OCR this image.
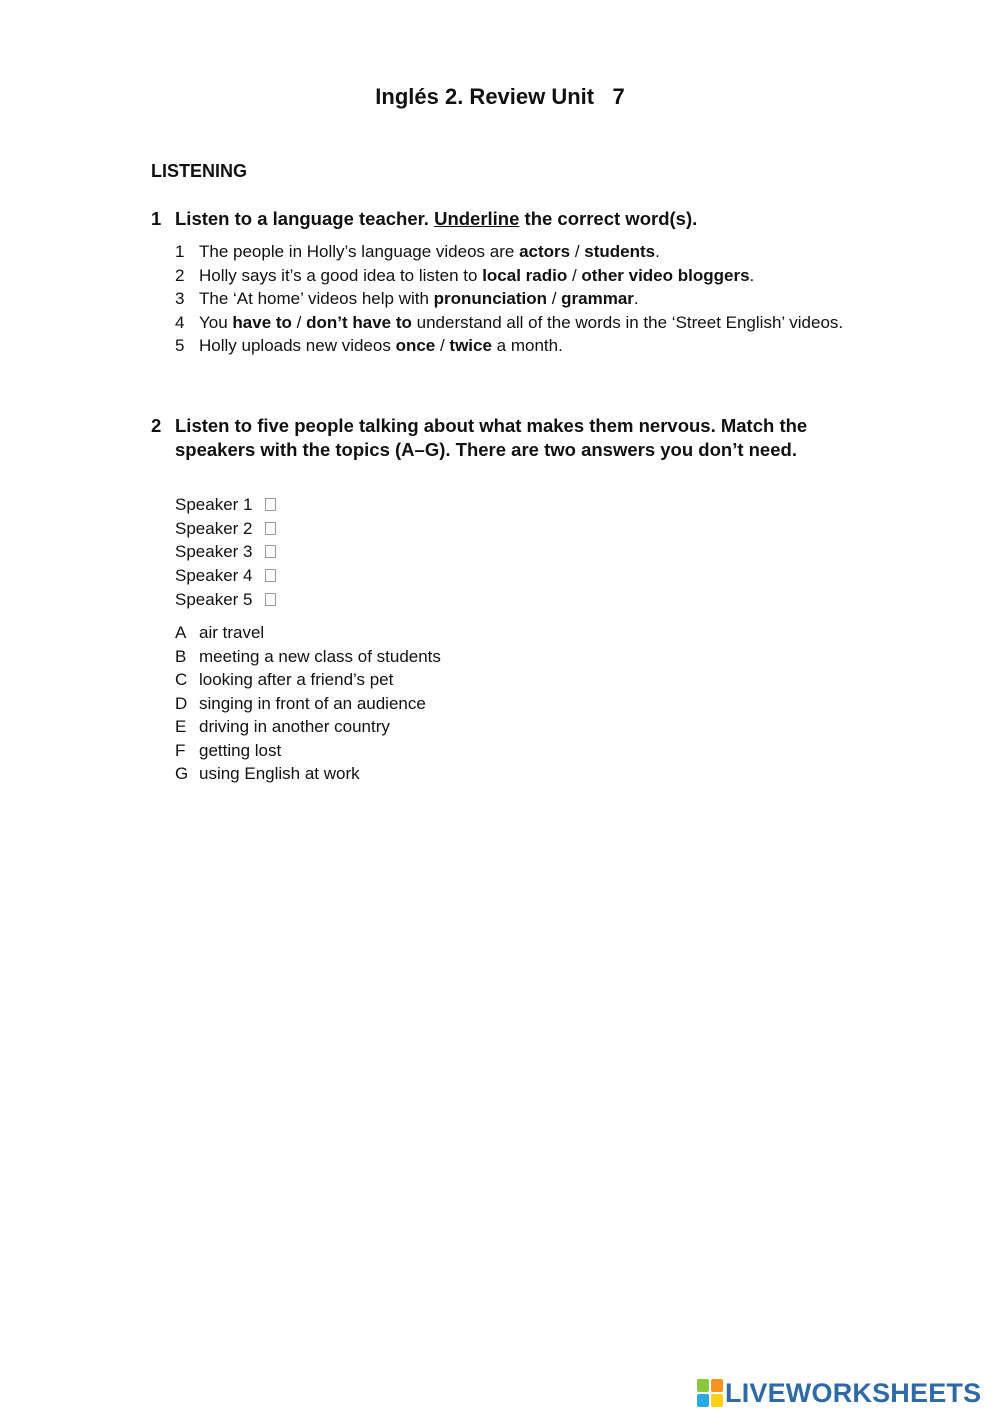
Inglés 2. Review Unit   7
LISTENING
1 Listen to a language teacher. Underline the correct word(s).
1 The people in Holly’s language videos are actors / students.
2 Holly says it’s a good idea to listen to local radio / other video bloggers.
3 The ‘At home’ videos help with pronunciation / grammar.
4 You have to / don’t have to understand all of the words in the ‘Street English’ videos.
5 Holly uploads new videos once / twice a month.
2 Listen to five people talking about what makes them nervous. Match the speakers with the topics (A–G). There are two answers you don’t need.
Speaker 1
Speaker 2
Speaker 3
Speaker 4
Speaker 5
A air travel
B meeting a new class of students
C looking after a friend’s pet
D singing in front of an audience
E driving in another country
F getting lost
G using English at work
LIVEWORKSHEETS
